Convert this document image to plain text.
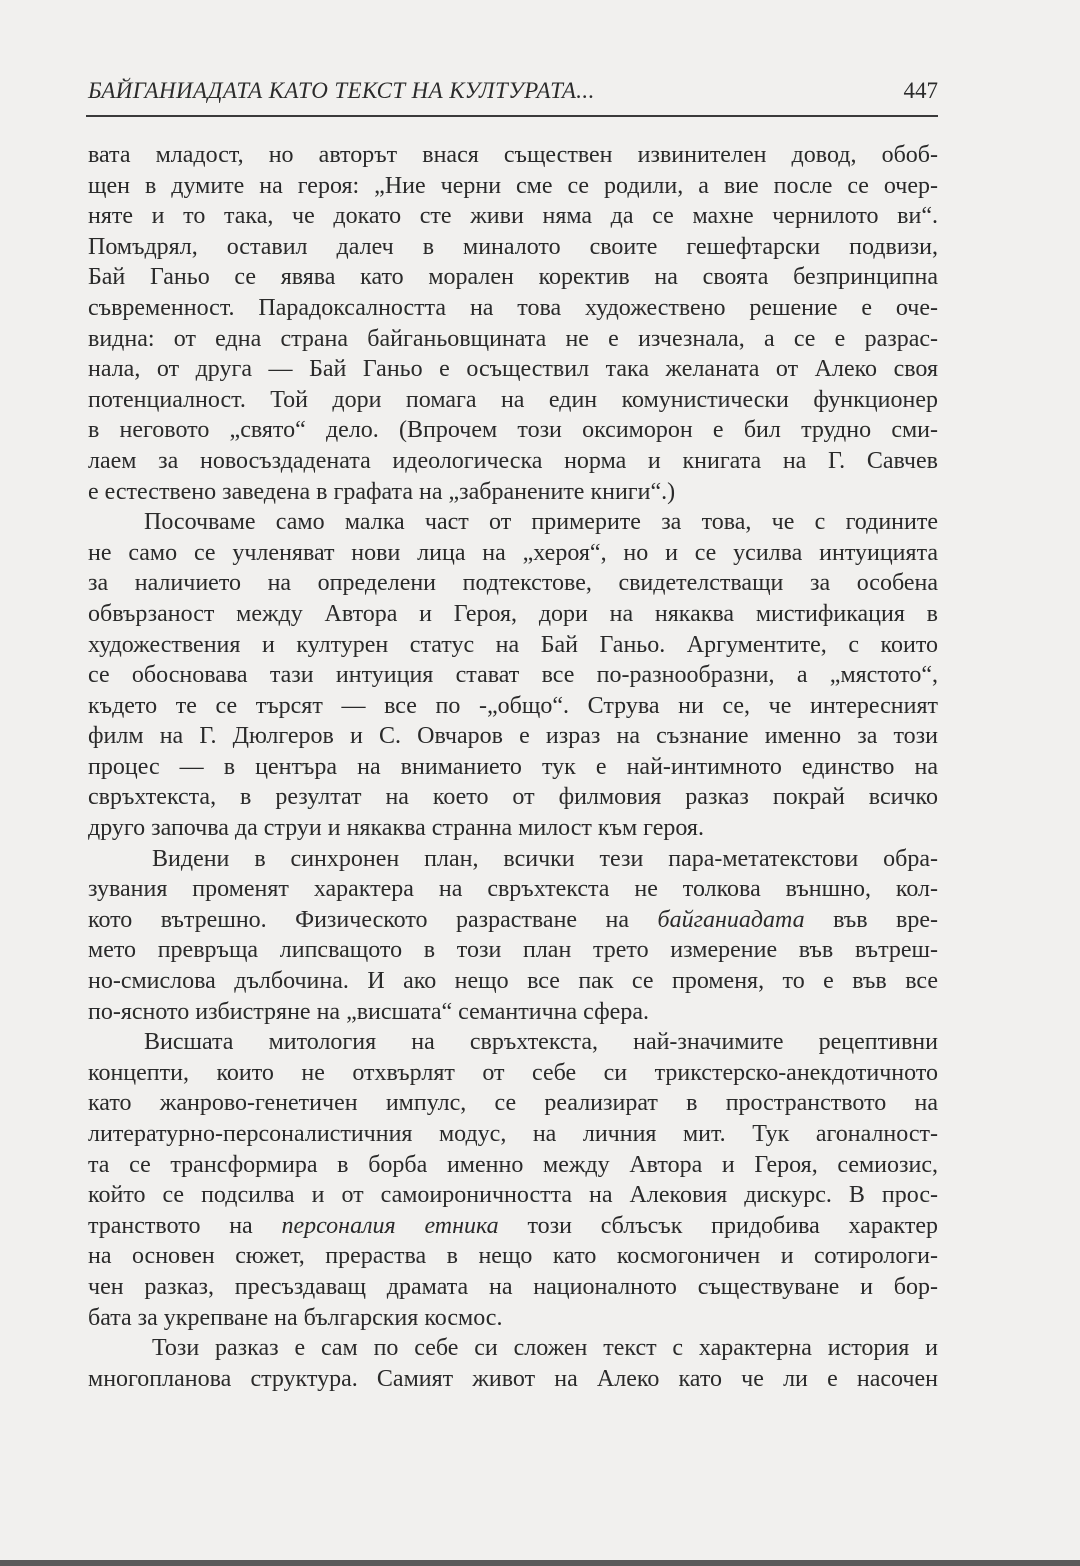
БАЙГАНИАДАТА КАТО ТЕКСТ НА КУЛТУРАТА...	447
вата младост, но авторът внася съществен извинителен довод, обоб-
щен в думите на героя: „Ние черни сме се родили, а вие после се очер-
няте и то така, че докато сте живи няма да се махне чернилото ви“.
Помъдрял, оставил далеч в миналото своите гешефтарски подвизи,
Бай Ганьо се явява като морален коректив на своята безпринципна
съвременност. Парадоксалността на това художествено решение е оче-
видна: от една страна байганьовщината не е изчезнала, а се е разрас-
нала, от друга — Бай Ганьо е осъществил така желаната от Алеко своя
потенциалност. Той дори помага на един комунистически функционер
в неговото „свято“ дело. (Впрочем този оксиморон е бил трудно сми-
лаем за новосъздадената идеологическа норма и книгата на Г. Савчев
е естествено заведена в графата на „забранените книги“.)
Посочваме само малка част от примерите за това, че с годините
не само се учленяват нови лица на „хероя“, но и се усилва интуицията
за наличието на определени подтекстове, свидетелстващи за особена
обвързаност между Автора и Героя, дори на някаква мистификация в
художествения и културен статус на Бай Ганьо. Аргументите, с които
се обосновава тази интуиция стават все по-разнообразни, а „мястото“,
където те се търсят — все по -„общо“. Струва ни се, че интересният
филм на Г. Дюлгеров и С. Овчаров е израз на съзнание именно за този
процес — в центъра на вниманието тук е най-интимното единство на
свръхтекста, в резултат на което от филмовия разказ покрай всичко
друго започва да струи и някаква странна милост към героя.
Видени в синхронен план, всички тези пара-метатекстови обра-
зувания променят характера на свръхтекста не толкова външно, кол-
кото вътрешно. Физическото разрастване на байганиадата във вре-
мето превръща липсващото в този план трето измерение във вътреш-
но-смислова дълбочина. И ако нещо все пак се променя, то е във все
по-ясното избистряне на „висшата“ семантична сфера.
Висшата митология на свръхтекста, най-значимите рецептивни
концепти, които не отхвърлят от себе си трикстерско-анекдотичното
като жанрово-генетичен импулс, се реализират в пространството на
литературно-персоналистичния модус, на личния мит. Тук агоналност-
та се трансформира в борба именно между Автора и Героя, семиозис,
който се подсилва и от самоироничността на Алековия дискурс. В прос-
транството на персоналия етника този сблъсък придобива характер
на основен сюжет, прераства в нещо като космогоничен и сотирологи-
чен разказ, пресъздаващ драмата на националното съществуване и бор-
бата за укрепване на българския космос.
Този разказ е сам по себе си сложен текст с характерна история и
многопланова структура. Самият живот на Алеко като че ли е насочен
